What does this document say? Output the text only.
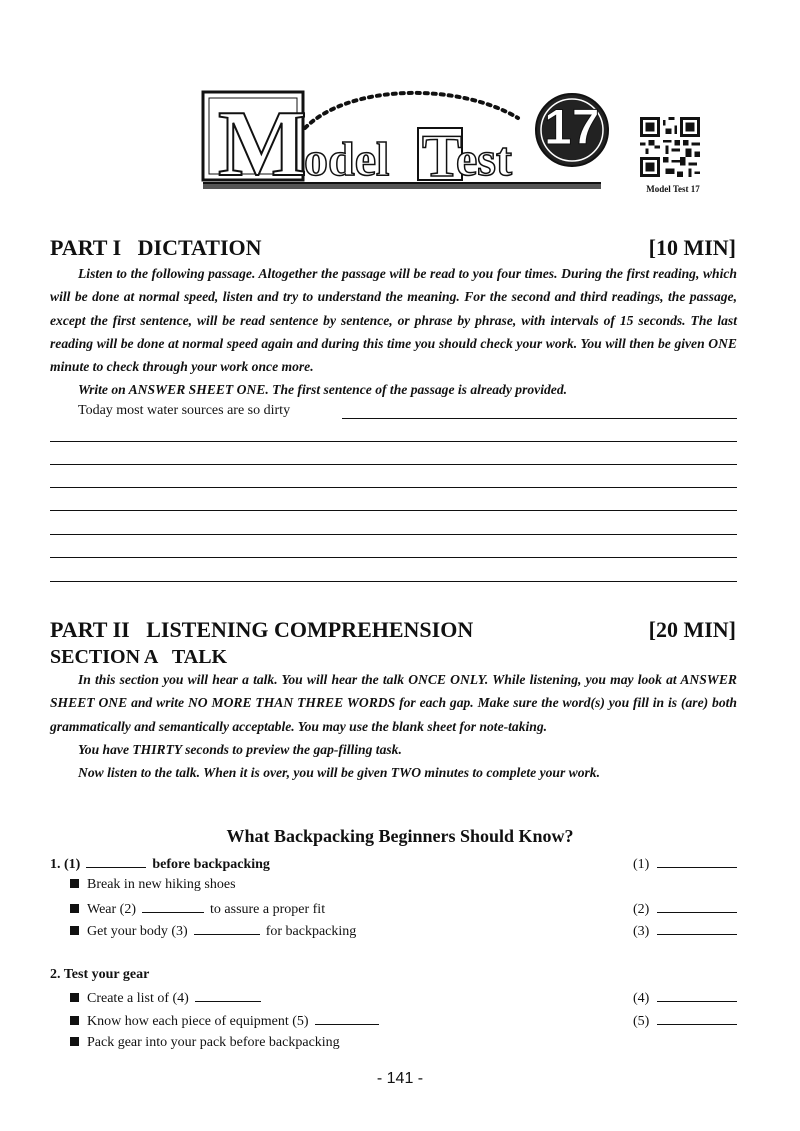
M
odel T
est
17
Model Test 17
PART I   DICTATION	[10 MIN]

Listen to the following passage. Altogether the passage will be read to you four times. During the first reading, which will be done at normal speed, listen and try to understand the meaning. For the second and third readings, the passage, except the first sentence, will be read sentence by sentence, or phrase by phrase, with intervals of 15 seconds. The last reading will be done at normal speed again and during this time you should check your work. You will then be given ONE minute to check through your work once more.

Write on ANSWER SHEET ONE. The first sentence of the passage is already provided.

Today most water sources are so dirty
PART II   LISTENING COMPREHENSION	[20 MIN]
SECTION A   TALK

In this section you will hear a talk. You will hear the talk ONCE ONLY. While listening, you may look at ANSWER SHEET ONE and write NO MORE THAN THREE WORDS for each gap. Make sure the word(s) you fill in is (are) both grammatically and semantically acceptable. You may use the blank sheet for note-taking.

You have THIRTY seconds to preview the gap-filling task.

Now listen to the talk. When it is over, you will be given TWO minutes to complete your work.

What Backpacking Beginners Should Know?
1. (1)	before backpacking
Break in new hiking shoes
Wear (2)	to assure a proper fit
Get your body (3)	for backpacking
2. Test your gear
Create a list of (4)
Know how each piece of equipment (5)
Pack gear into your pack before backpacking
(1)
(2)
(3)
(4)
(5)
- 141 -
